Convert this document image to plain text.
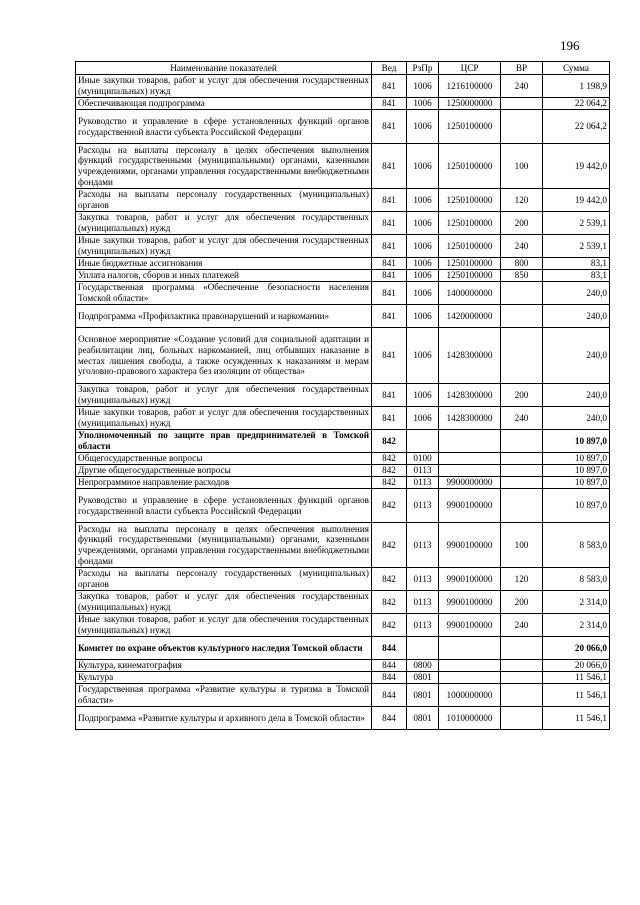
196
Наименование показателей	Вед	РзПр	ЦСР	ВР	Сумма
Иные закупки товаров, работ и услуг для обеспечения государственных (муниципальных) нужд	841	1006	1216100000	240	1 198,9
Обеспечивающая подпрограмма	841	1006	1250000000		22 064,2
Руководство и управление в сфере установленных функций органов государственной власти субъекта Российской Федерации	841	1006	1250100000		22 064,2
Расходы на выплаты персоналу в целях обеспечения выполнения функций государственными (муниципальными) органами, казенными учреждениями, органами управления государственными внебюджетными фондами	841	1006	1250100000	100	19 442,0
Расходы на выплаты персоналу государственных (муниципальных) органов	841	1006	1250100000	120	19 442,0
Закупка товаров, работ и услуг для обеспечения государственных (муниципальных) нужд	841	1006	1250100000	200	2 539,1
Иные закупки товаров, работ и услуг для обеспечения государственных (муниципальных) нужд	841	1006	1250100000	240	2 539,1
Иные бюджетные ассигнования	841	1006	1250100000	800	83,1
Уплата налогов, сборов и иных платежей	841	1006	1250100000	850	83,1
Государственная программа «Обеспечение безопасности населения Томской области»	841	1006	1400000000		240,0
Подпрограмма «Профилактика правонарушений и наркомании»	841	1006	1420000000		240,0
Основное мероприятие «Создание условий для социальной адаптации и реабилитации лиц, больных наркоманией, лиц отбывших наказание в местах лишения свободы, а также осужденных к наказаниям и мерам уголовно-правового характера без изоляции от общества»	841	1006	1428300000		240,0
Закупка товаров, работ и услуг для обеспечения государственных (муниципальных) нужд	841	1006	1428300000	200	240,0
Иные закупки товаров, работ и услуг для обеспечения государственных (муниципальных) нужд	841	1006	1428300000	240	240,0
Уполномоченный по защите прав предпринимателей в Томской области	842				10 897,0
Общегосударственные вопросы	842	0100			10 897,0
Другие общегосударственные вопросы	842	0113			10 897,0
Непрограммное направление расходов	842	0113	9900000000		10 897,0
Руководство и управление в сфере установленных функций органов государственной власти субъекта Российской Федерации	842	0113	9900100000		10 897,0
Расходы на выплаты персоналу в целях обеспечения выполнения функций государственными (муниципальными) органами, казенными учреждениями, органами управления государственными внебюджетными фондами	842	0113	9900100000	100	8 583,0
Расходы на выплаты персоналу государственных (муниципальных) органов	842	0113	9900100000	120	8 583,0
Закупка товаров, работ и услуг для обеспечения государственных (муниципальных) нужд	842	0113	9900100000	200	2 314,0
Иные закупки товаров, работ и услуг для обеспечения государственных (муниципальных) нужд	842	0113	9900100000	240	2 314,0
Комитет по охране объектов культурного наследия Томской области	844				20 066,0
Культура, кинематография	844	0800			20 066,0
Культура	844	0801			11 546,1
Государственная программа «Развитие культуры и туризма в Томской области»	844	0801	1000000000		11 546,1
Подпрограмма «Развитие культуры и архивного дела в Томской области»	844	0801	1010000000		11 546,1
